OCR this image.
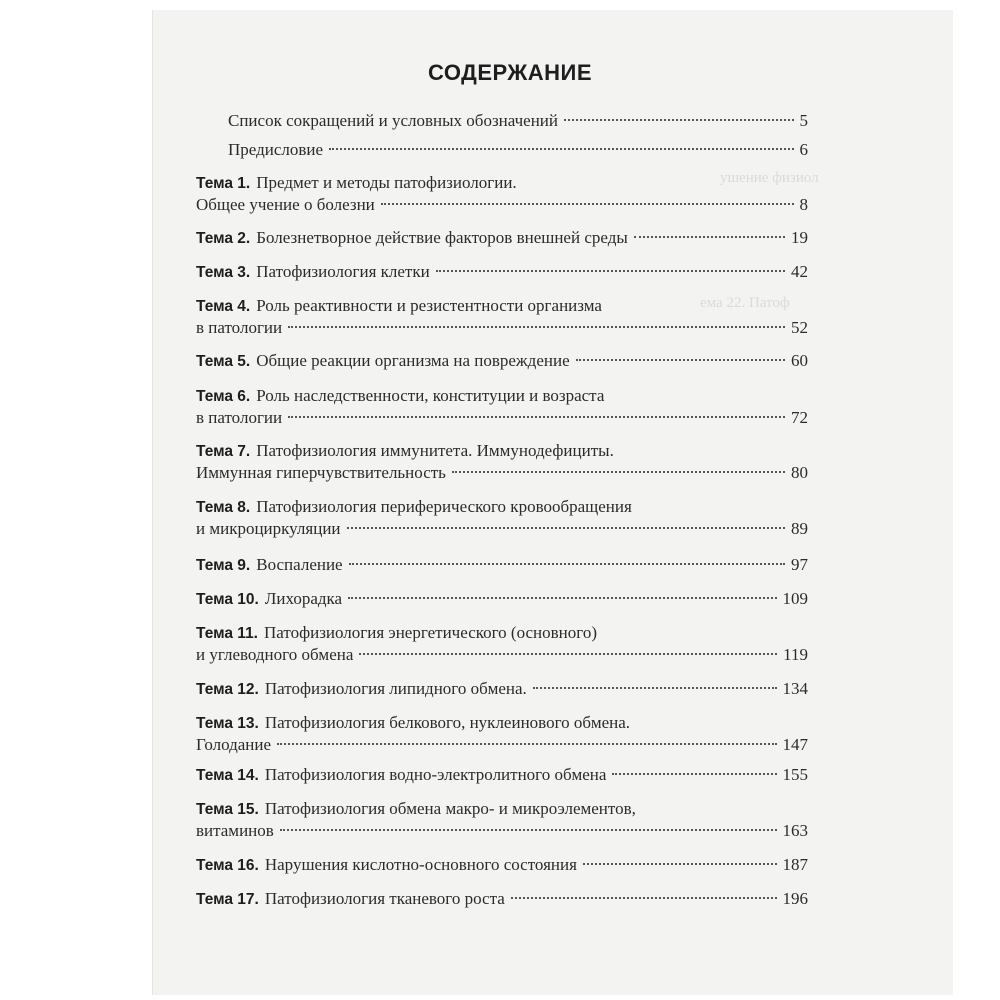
ушение физиол
ема 22. Патоф
СОДЕРЖАНИЕ
Список сокращений и условных обозначений	5
Предисловие	6
Тема 1. Предмет и методы патофизиологии.
Общее учение о болезни	8
Тема 2. Болезнетворное действие факторов внешней среды	19
Тема 3. Патофизиология клетки	42
Тема 4. Роль реактивности и резистентности организма
в патологии	52
Тема 5. Общие реакции организма на повреждение	60
Тема 6. Роль наследственности, конституции и возраста
в патологии	72
Тема 7. Патофизиология иммунитета. Иммунодефициты.
Иммунная гиперчувствительность	80
Тема 8. Патофизиология периферического кровообращения
и микроциркуляции	89
Тема 9. Воспаление	97
Тема 10. Лихорадка	109
Тема 11. Патофизиология энергетического (основного)
и углеводного обмена	119
Тема 12. Патофизиология липидного обмена.	134
Тема 13. Патофизиология белкового, нуклеинового обмена.
Голодание	147
Тема 14. Патофизиология водно-электролитного обмена	155
Тема 15. Патофизиология обмена макро- и микроэлементов,
витаминов	163
Тема 16. Нарушения кислотно-основного состояния	187
Тема 17. Патофизиология тканевого роста	196
